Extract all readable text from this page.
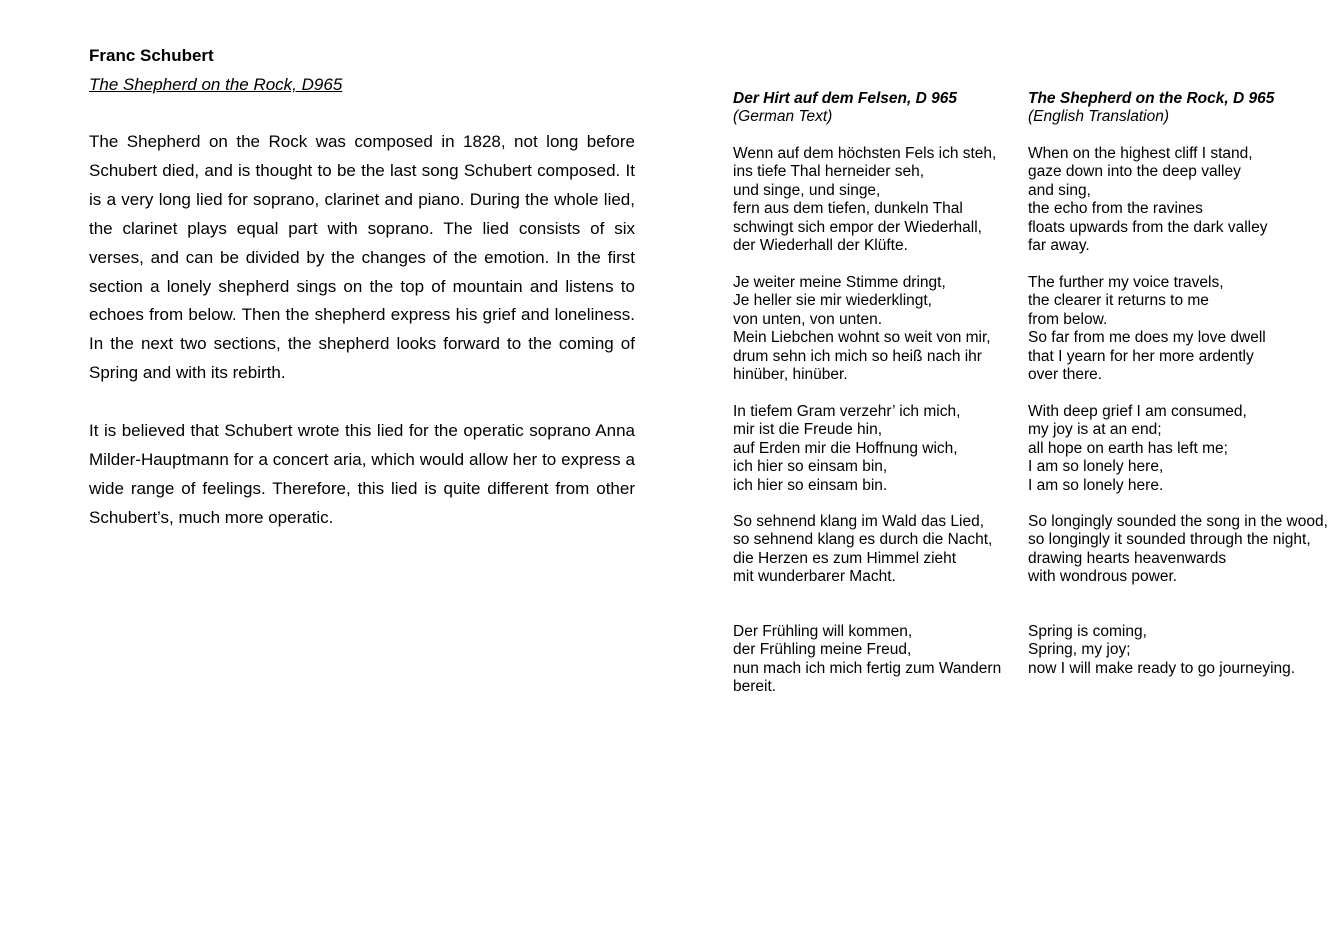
Franc Schubert

The Shepherd on the Rock, D965

The Shepherd on the Rock was composed in 1828, not long before Schubert died, and is thought to be the last song Schubert composed. It is a very long lied for soprano, clarinet and piano. During the whole lied, the clarinet plays equal part with soprano. The lied consists of six verses, and can be divided by the changes of the emotion. In the first section a lonely shepherd sings on the top of mountain and listens to echoes from below. Then the shepherd express his grief and loneliness. In the next two sections, the shepherd looks forward to the coming of Spring and with its rebirth.

It is believed that Schubert wrote this lied for the operatic soprano Anna Milder-Hauptmann for a concert aria, which would allow her to express a wide range of feelings. Therefore, this lied is quite different from other Schubert’s, much more operatic.

Der Hirt auf dem Felsen, D 965

(German Text)

Wenn auf dem höchsten Fels ich steh,
ins tiefe Thal herneider seh,
und singe, und singe,
fern aus dem tiefen, dunkeln Thal
schwingt sich empor der Wiederhall,
der Wiederhall der Klüfte.
Je weiter meine Stimme dringt,
Je heller sie mir wiederklingt,
von unten, von unten.
Mein Liebchen wohnt so weit von mir,
drum sehn ich mich so heiß nach ihr
hinüber, hinüber.
In tiefem Gram verzehr’ ich mich,
mir ist die Freude hin,
auf Erden mir die Hoffnung wich,
ich hier so einsam bin,
ich hier so einsam bin.
So sehnend klang im Wald das Lied,
so sehnend klang es durch die Nacht,
die Herzen es zum Himmel zieht
mit wunderbarer Macht.
Der Frühling will kommen,
der Frühling meine Freud,
nun mach ich mich fertig zum Wandern bereit.

The Shepherd on the Rock, D 965

(English Translation)

When on the highest cliff I stand,
gaze down into the deep valley
and sing,
the echo from the ravines
floats upwards from the dark valley
far away.
The further my voice travels,
the clearer it returns to me
from below.
So far from me does my love dwell
that I yearn for her more ardently
over there.
With deep grief I am consumed,
my joy is at an end;
all hope on earth has left me;
I am so lonely here,
I am so lonely here.
So longingly sounded the song in the wood,
so longingly it sounded through the night,
drawing hearts heavenwards
with wondrous power.
Spring is coming,
Spring, my joy;
now I will make ready to go journeying.
